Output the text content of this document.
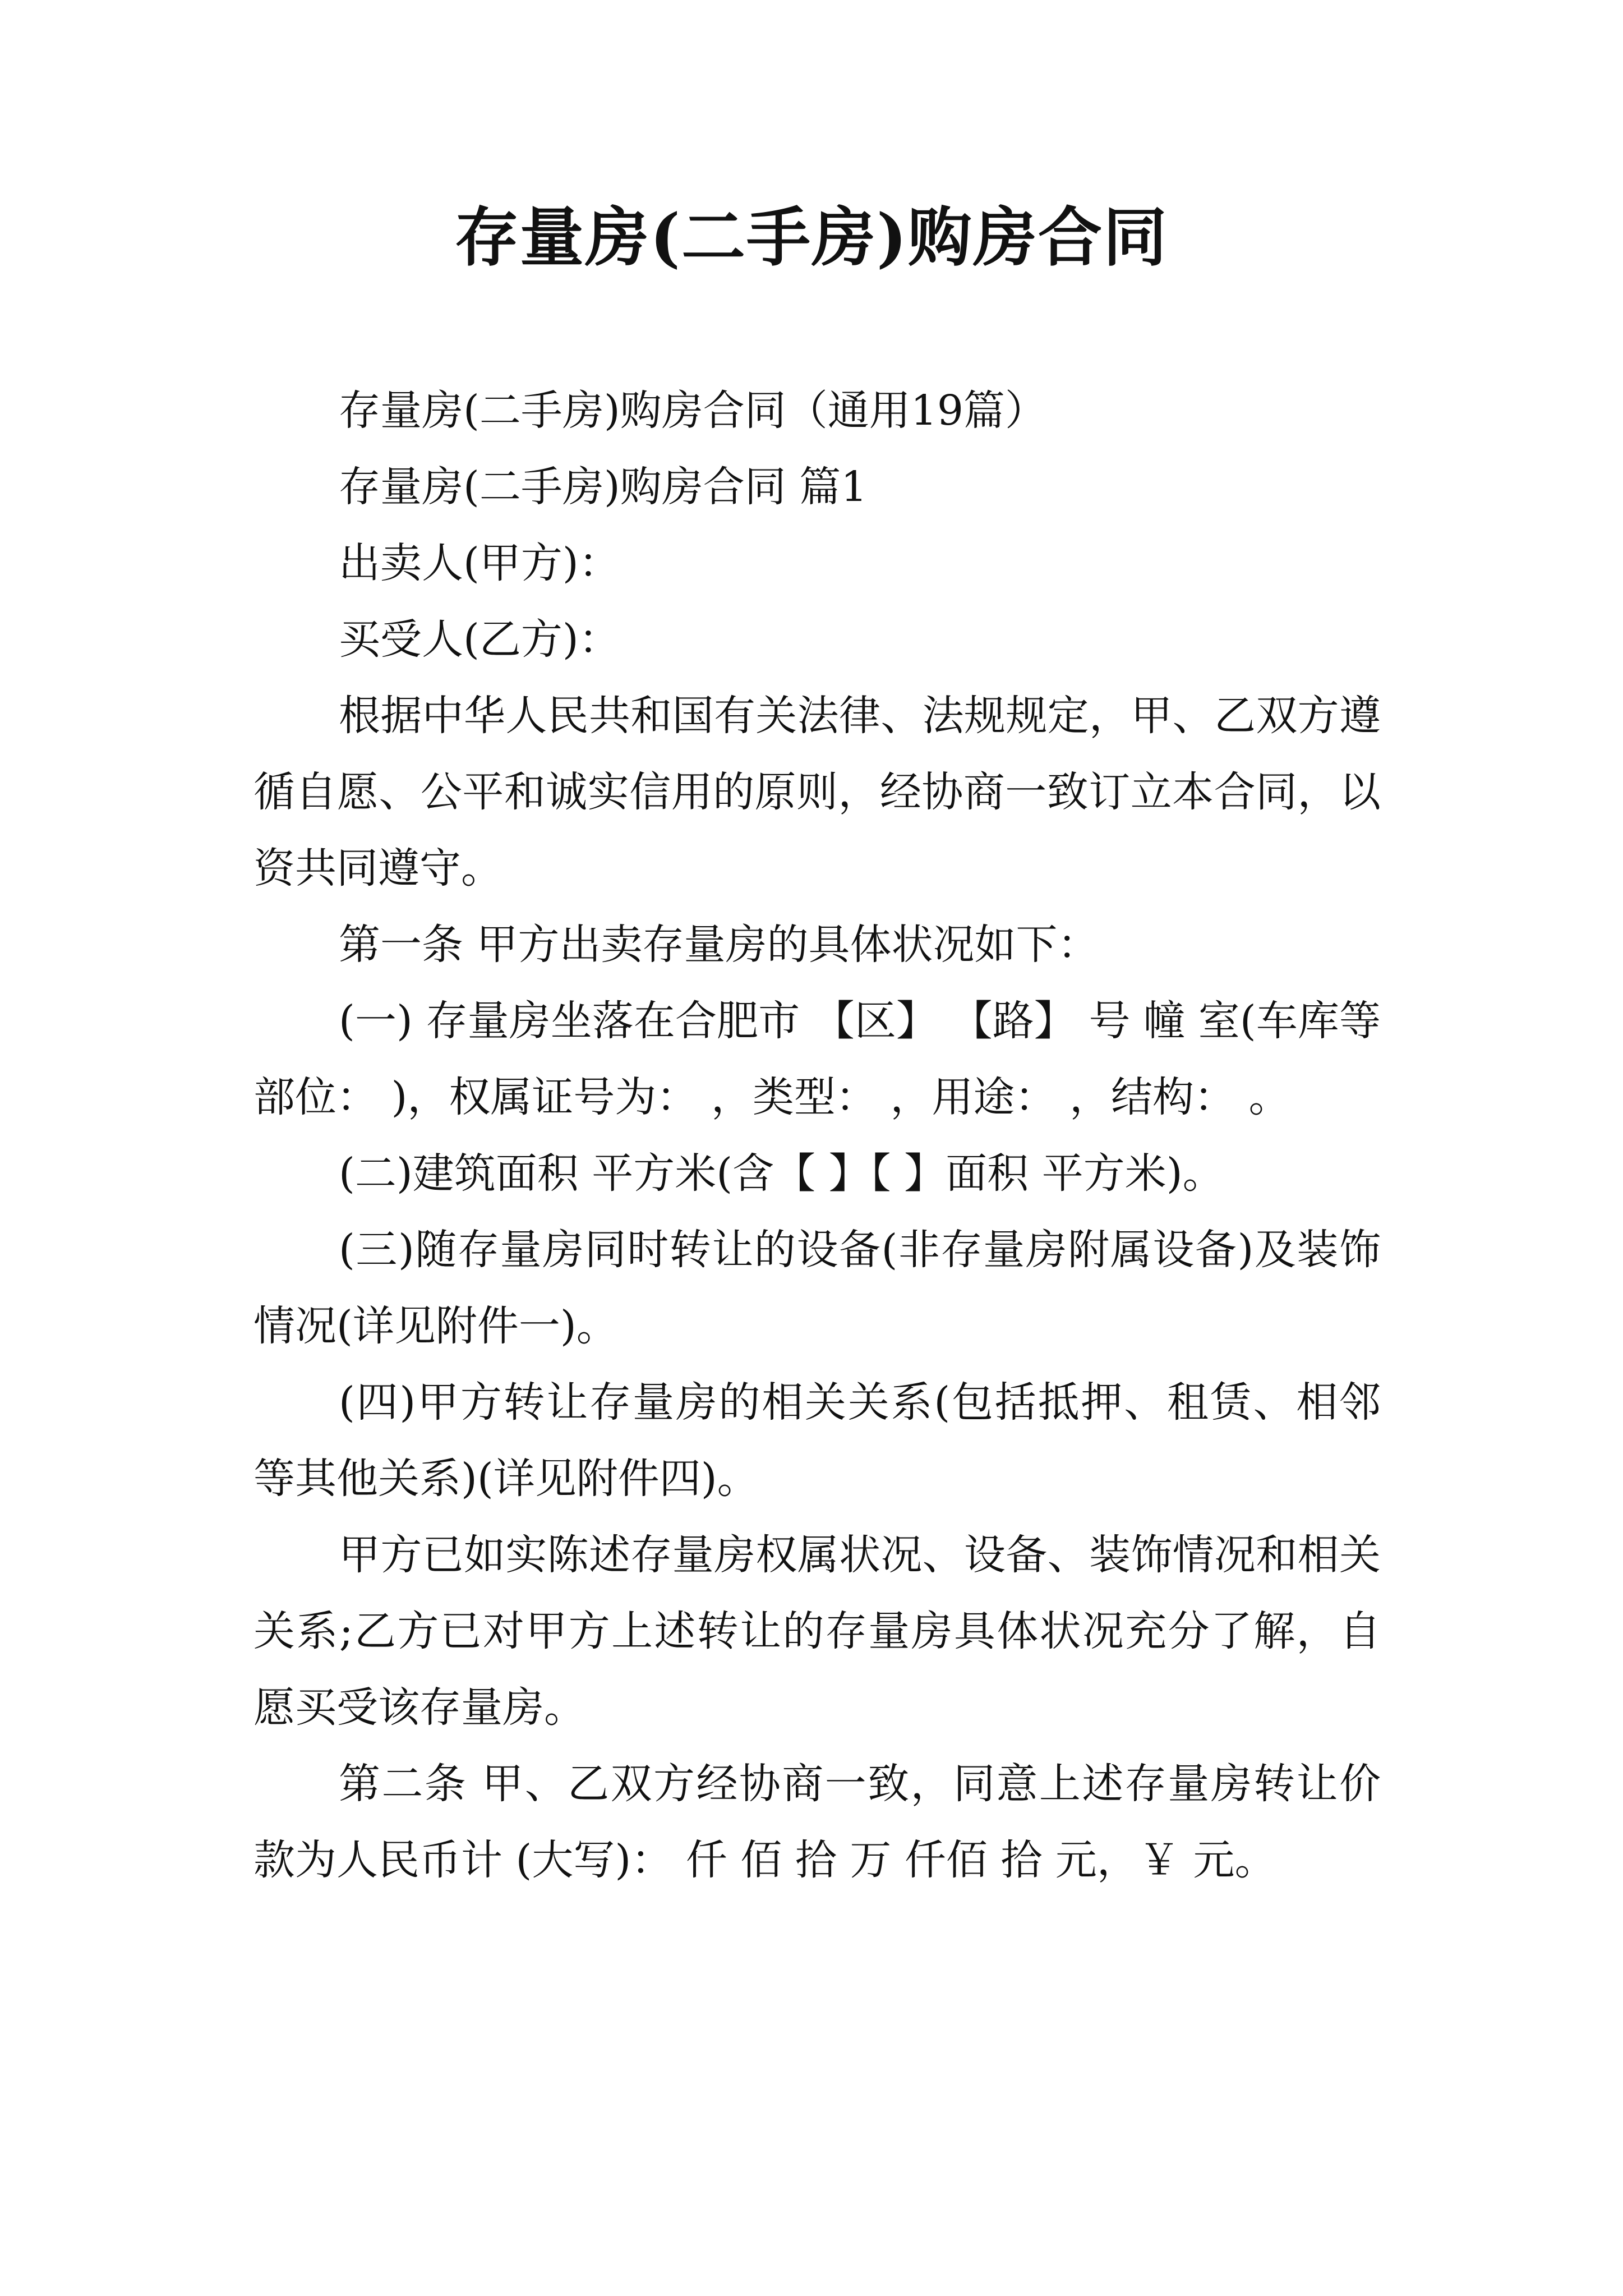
存量房(二手房)购房合同

存量房(二手房)购房合同（通用19篇）

存量房(二手房)购房合同 篇1

出卖人(甲方)：

买受人(乙方)：

根据中华人民共和国有关法律、法规规定，甲、乙双方遵循自愿、公平和诚实信用的原则，经协商一致订立本合同，以资共同遵守。

第一条 甲方出卖存量房的具体状况如下：

(一) 存量房坐落在合肥市 【区】 【路】 号 幢 室(车库等部位： )，权属证号为： ，类型： ，用途： ，结构： 。

(二)建筑面积 平方米(含【 】【 】面积 平方米)。

(三)随存量房同时转让的设备(非存量房附属设备)及装饰情况(详见附件一)。

(四)甲方转让存量房的相关关系(包括抵押、租赁、相邻等其他关系)(详见附件四)。

甲方已如实陈述存量房权属状况、设备、装饰情况和相关关系;乙方已对甲方上述转让的存量房具体状况充分了解，自愿买受该存量房。

第二条 甲、乙双方经协商一致，同意上述存量房转让价款为人民币计 (大写)： 仟 佰 拾 万 仟佰 拾 元，￥ 元。
